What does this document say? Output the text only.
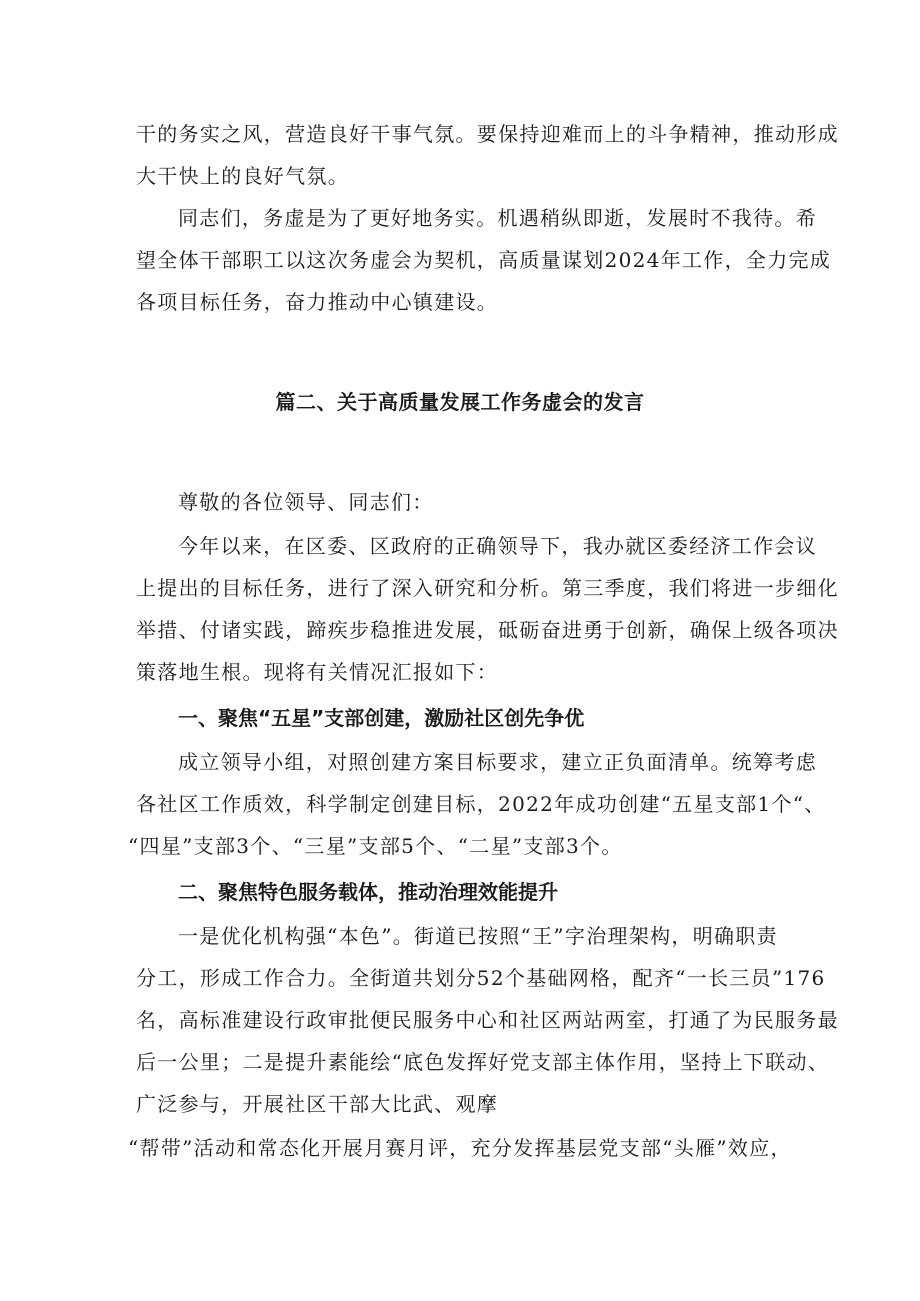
干的务实之风，营造良好干事气氛。要保持迎难而上的斗争精神，推动形成
大干快上的良好气氛。
同志们，务虚是为了更好地务实。机遇稍纵即逝，发展时不我待。希
望全体干部职工以这次务虚会为契机，高质量谋划2024年工作，全力完成
各项目标任务，奋力推动中心镇建设。
篇二、关于高质量发展工作务虚会的发言
尊敬的各位领导、同志们：
今年以来，在区委、区政府的正确领导下，我办就区委经济工作会议
上提出的目标任务，进行了深入研究和分析。第三季度，我们将进一步细化
举措、付诸实践，蹄疾步稳推进发展，砥砺奋进勇于创新，确保上级各项决
策落地生根。现将有关情况汇报如下：
一、聚焦“五星”支部创建，激励社区创先争优
成立领导小组，对照创建方案目标要求，建立正负面清单。统筹考虑
各社区工作质效，科学制定创建目标，2022年成功创建“五星支部1个“、
“四星”支部3个、“三星”支部5个、“二星”支部3个。
二、聚焦特色服务载体，推动治理效能提升
一是优化机构强“本色”。街道已按照“王”字治理架构，明确职责
分工，形成工作合力。全街道共划分52个基础网格，配齐“一长三员”176
名，高标准建设行政审批便民服务中心和社区两站两室，打通了为民服务最
后一公里；二是提升素能绘“底色发挥好党支部主体作用，坚持上下联动、
广泛参与，开展社区干部大比武、观摩
“帮带”活动和常态化开展月赛月评，充分发挥基层党支部“头雁”效应，
